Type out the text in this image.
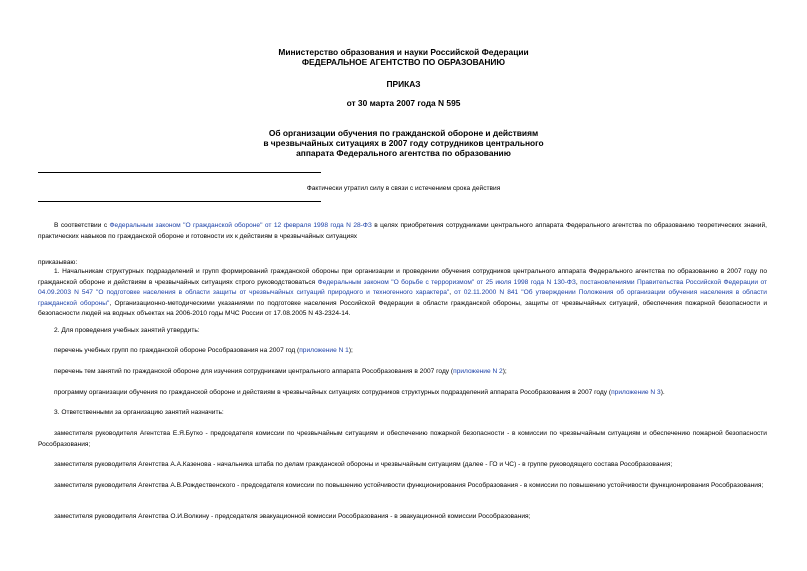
Министерство образования и науки Российской Федерации
ФЕДЕРАЛЬНОЕ АГЕНТСТВО ПО ОБРАЗОВАНИЮ
ПРИКАЗ
от 30 марта 2007 года N 595
Об организации обучения по гражданской обороне и действиям
в чрезвычайных ситуациях в 2007 году сотрудников центрального
аппарата Федерального агентства по образованию
Фактически утратил силу в связи с истечением срока действия
В соответствии с Федеральным законом "О гражданской обороне" от 12 февраля 1998 года N 28-ФЗ в целях приобретения сотрудниками центрального аппарата Федерального агентства по образованию теоретических знаний, практических навыков по гражданской обороне и готовности их к действиям в чрезвычайных ситуациях
приказываю:
1. Начальникам структурных подразделений и групп формирований гражданской обороны при организации и проведении обучения сотрудников центрального аппарата Федерального агентства по образованию в 2007 году по гражданской обороне и действиям в чрезвычайных ситуациях строго руководствоваться Федеральным законом "О борьбе с терроризмом" от 25 июля 1998 года N 130-ФЗ, постановлениями Правительства Российской Федерации от 04.09.2003 N 547 "О подготовке населения в области защиты от чрезвычайных ситуаций природного и техногенного характера", от 02.11.2000 N 841 "Об утверждении Положения об организации обучения населения в области гражданской обороны", Организационно-методическими указаниями по подготовке населения Российской Федерации в области гражданской обороны, защиты от чрезвычайных ситуаций, обеспечения пожарной безопасности и безопасности людей на водных объектах на 2006-2010 годы МЧС России от 17.08.2005 N 43-2324-14.
2. Для проведения учебных занятий утвердить:
перечень учебных групп по гражданской обороне Рособразования на 2007 год (приложение N 1);
перечень тем занятий по гражданской обороне для изучения сотрудниками центрального аппарата Рособразования в 2007 году (приложение N 2);
программу организации обучения по гражданской обороне и действиям в чрезвычайных ситуациях сотрудников структурных подразделений аппарата Рособразования в 2007 году (приложение N 3).
3. Ответственными за организацию занятий назначить:
заместителя руководителя Агентства Е.Я.Бутко - председателя комиссии по чрезвычайным ситуациям и обеспечению пожарной безопасности - в комиссии по чрезвычайным ситуациям и обеспечению пожарной безопасности Рособразования;
заместителя руководителя Агентства А.А.Казенова - начальника штаба по делам гражданской обороны и чрезвычайным ситуациям (далее - ГО и ЧС) - в группе руководящего состава Рособразования;
заместителя руководителя Агентства А.В.Рождественского - председателя комиссии по повышению устойчивости функционирования Рособразования - в комиссии по повышению устойчивости функционирования Рособразования;
заместителя руководителя Агентства О.И.Волкину - председателя эвакуационной комиссии Рособразования - в эвакуационной комиссии Рособразования;
